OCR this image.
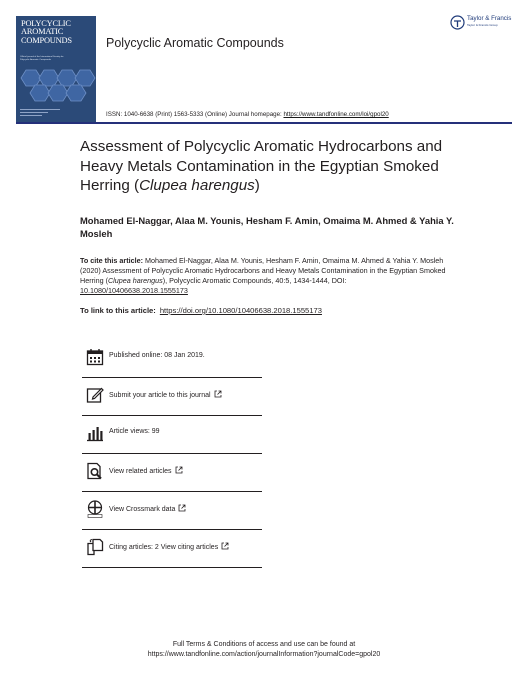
POLYCYCLIC AROMATIC COMPOUNDS
Official journal of the International Society for Polycyclic Aromatic Compounds
Polycyclic Aromatic Compounds
Taylor & Francis
Taylor & Francis Group
ISSN: 1040-6638 (Print) 1563-5333 (Online) Journal homepage: https://www.tandfonline.com/loi/gpol20
Assessment of Polycyclic Aromatic Hydrocarbons and Heavy Metals Contamination in the Egyptian Smoked Herring (Clupea harengus)
Mohamed El-Naggar, Alaa M. Younis, Hesham F. Amin, Omaima M. Ahmed & Yahia Y. Mosleh
To cite this article: Mohamed El-Naggar, Alaa M. Younis, Hesham F. Amin, Omaima M. Ahmed & Yahia Y. Mosleh (2020) Assessment of Polycyclic Aromatic Hydrocarbons and Heavy Metals Contamination in the Egyptian Smoked Herring (Clupea harengus), Polycyclic Aromatic Compounds, 40:5, 1434-1444, DOI: 10.1080/10406638.2018.1555173
To link to this article: https://doi.org/10.1080/10406638.2018.1555173
Published online: 08 Jan 2019.
Submit your article to this journal
Article views: 99
View related articles
View Crossmark data
Citing articles: 2 View citing articles
Full Terms & Conditions of access and use can be found at
https://www.tandfonline.com/action/journalInformation?journalCode=gpol20
